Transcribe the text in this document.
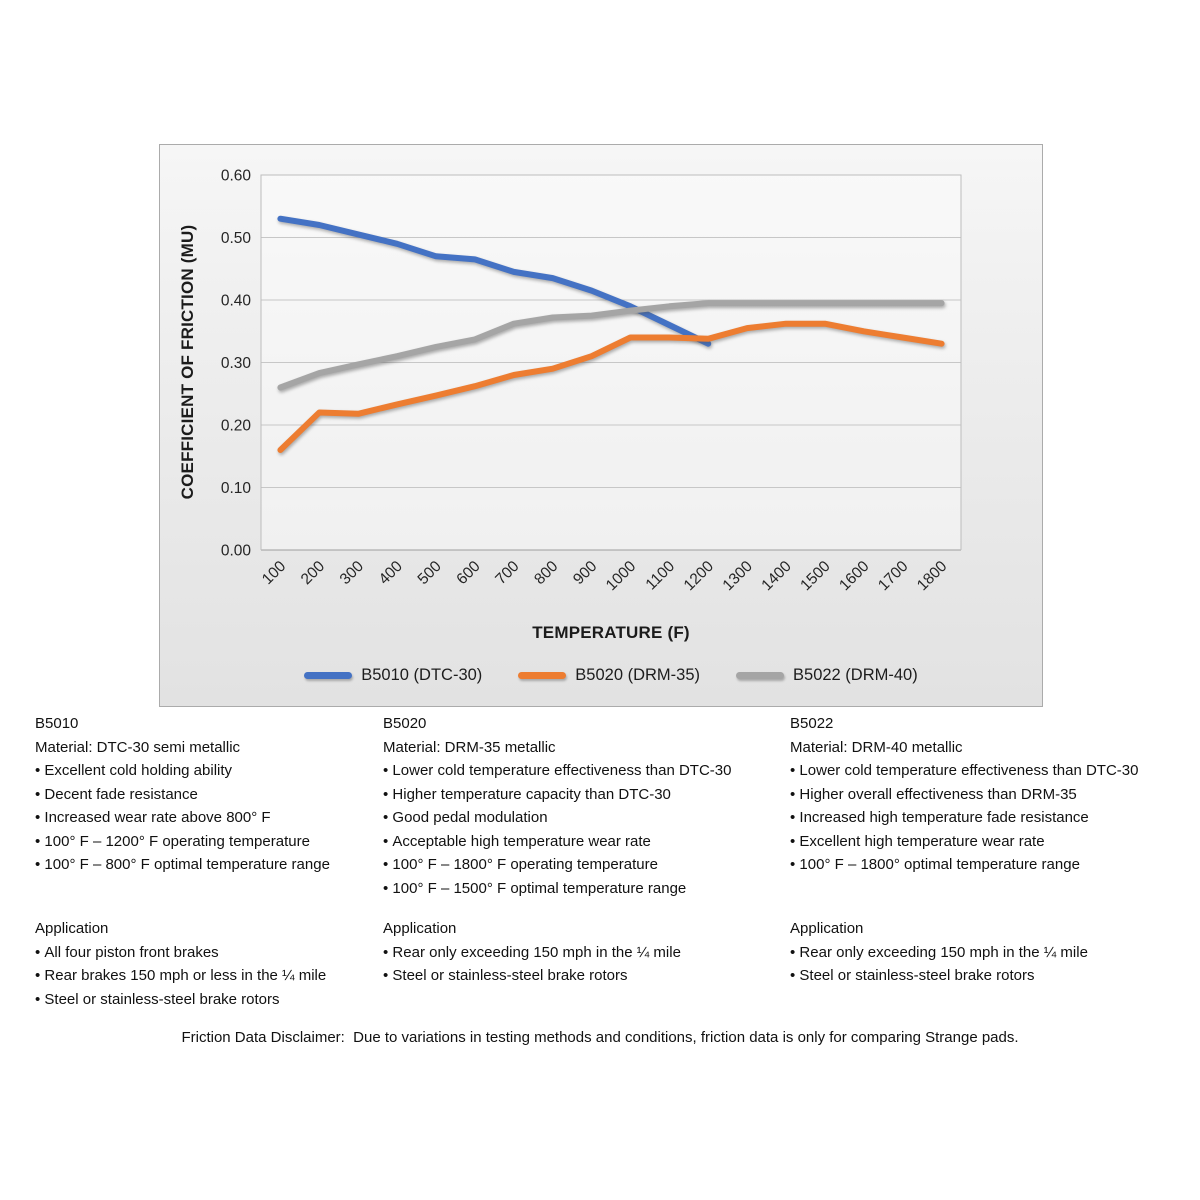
0.00
0.10
0.20
0.30
0.40
0.50
0.60
100 200 300 400 500 600 700 800 900 1000 1100 1200 1300 1400 1500 1600 1700 1800
COEFFICIENT OF FRICTION (MU)
TEMPERATURE (F)
B5010 (DTC-30)	B5020 (DRM-35)	B5022 (DRM-40)
B5010
Material: DTC-30 semi metallic
• Excellent cold holding ability
• Decent fade resistance
• Increased wear rate above 800° F
• 100° F – 1200° F operating temperature
• 100° F – 800° F optimal temperature range
Application
• All four piston front brakes
• Rear brakes 150 mph or less in the ¼ mile
• Steel or stainless-steel brake rotors
B5020
Material: DRM-35 metallic
• Lower cold temperature effectiveness than DTC-30
• Higher temperature capacity than DTC-30
• Good pedal modulation
• Acceptable high temperature wear rate
• 100° F – 1800° F operating temperature
• 100° F – 1500° F optimal temperature range
Application
• Rear only exceeding 150 mph in the ¼ mile
• Steel or stainless-steel brake rotors
B5022
Material: DRM-40 metallic
• Lower cold temperature effectiveness than DTC-30
• Higher overall effectiveness than DRM-35
• Increased high temperature fade resistance
• Excellent high temperature wear rate
• 100° F – 1800° optimal temperature range
Application
• Rear only exceeding 150 mph in the ¼ mile
• Steel or stainless-steel brake rotors
Friction Data Disclaimer:  Due to variations in testing methods and conditions, friction data is only for comparing Strange pads.
